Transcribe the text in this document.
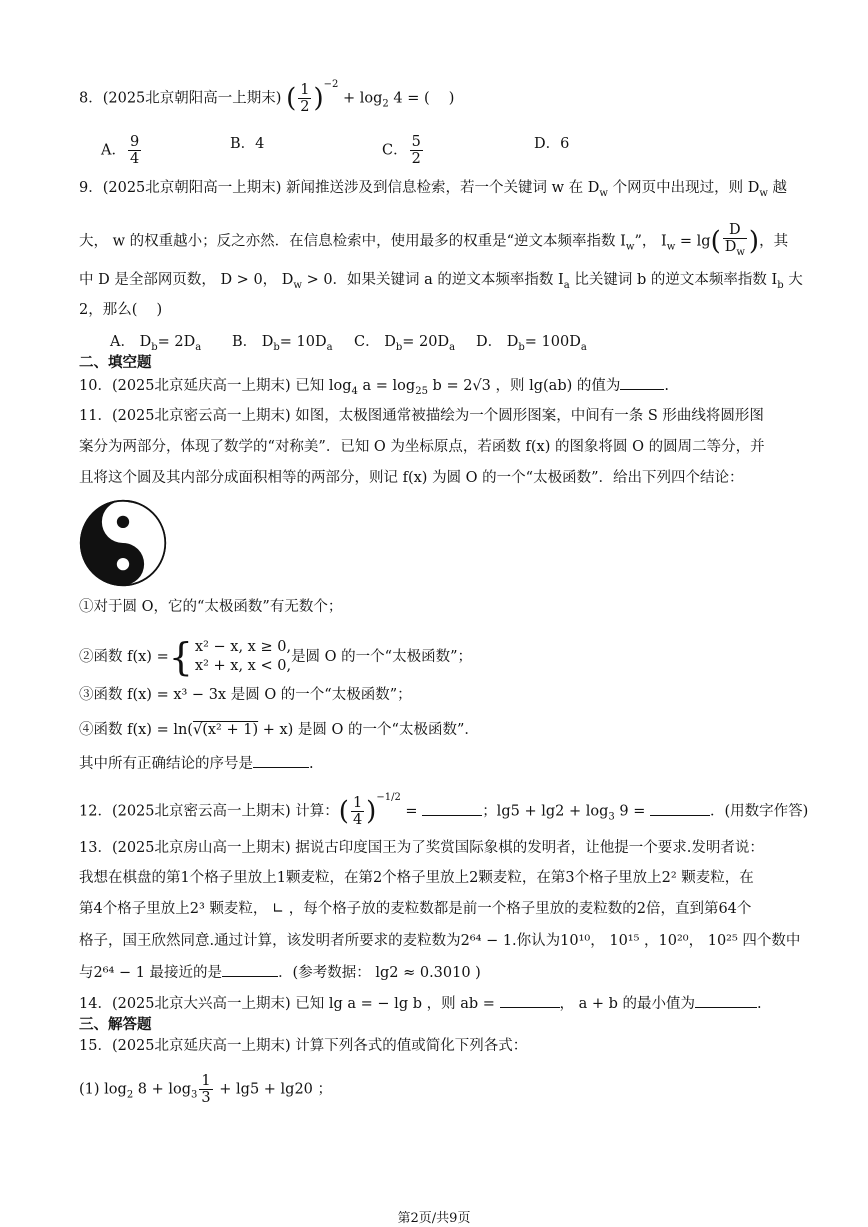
8．(2025北京朝阳高一上期末) ( $\frac{1}{2} )^{-2} + \log_2 4$ = (　 )
A． $\frac{9}{4}$	B．4	C． $\frac{5}{2}$	D．6
9．(2025北京朝阳高一上期末) 新闻推送涉及到信息检索，若一个关键词 w 在 $D_w$ 个网页中出现过，则 $D_w$ 越
大， w 的权重越小；反之亦然．在信息检索中，使用最多的权重是“逆文本频率指数 $I_w$”， $I_w = \lg( \frac{D}{D_w}$ )，其
中 D 是全部网页数， D > 0， $D_w > 0$．如果关键词 a 的逆文本频率指数 $I_a$ 比关键词 b 的逆文本频率指数 $I_b$ 大
2，那么(　 )
A． $D_b= 2D_a$ B． $D_b= 10D_a$ C． $D_b= 20D_a$ D． $D_b= 100D_a$
二、填空题
10．(2025北京延庆高一上期末) 已知 $\log_4 a = \log_{25} b = 2√3$ ，则 lg(ab) 的值为	.
11．(2025北京密云高一上期末) 如图，太极图通常被描绘为一个圆形图案，中间有一条 S 形曲线将圆形图
案分为两部分，体现了数学的“对称美”．已知 O 为坐标原点，若函数 f(x) 的图象将圆 O 的圆周二等分，并
且将这个圆及其内部分成面积相等的两部分，则记 f(x) 为圆 O 的一个“太极函数”．给出下列四个结论：
①对于圆 O，它的“太极函数”有无数个；
②函数 f(x) ={ x² − x, x ≥ 0,
x² + x, x < 0,
是圆 O 的一个“太极函数”；
③函数 f(x) = x³ − 3x 是圆 O 的一个“太极函数”；
④函数 f(x) = ln(√(x² + 1) + x) 是圆 O 的一个“太极函数”．
其中所有正确结论的序号是	.
12．(2025北京密云高一上期末) 计算：( $\frac{1}{4} )^{-1/2}$ =	；$\lg 5 + \lg 2 + \log_3 9$ =	．(用数字作答)
13．(2025北京房山高一上期末) 据说古印度国王为了奖赏国际象棋的发明者，让他提一个要求.发明者说：
我想在棋盘的第1个格子里放上1颗麦粒，在第2个格子里放上2颗麦粒，在第3个格子里放上2² 颗麦粒，在
第4个格子里放上2³ 颗麦粒， ∟ ，每个格子放的麦粒数都是前一个格子里放的麦粒数的2倍，直到第64个
格子，国王欣然同意.通过计算，该发明者所要求的麦粒数为2⁶⁴ − 1.你认为10¹⁰， 10¹⁵ ，10²⁰， 10²⁵ 四个数中
与2⁶⁴ − 1 最接近的是	．(参考数据： lg2 ≈ 0.3010 )
14．(2025北京大兴高一上期末) 已知 lg a = − lg b ，则 ab =	， a + b 的最小值为	.
三、解答题
15．(2025北京延庆高一上期末) 计算下列各式的值或简化下列各式：
(1) $\log_2 8 + \log_3 \frac{1}{3} + \lg 5 + \lg 20$ ；
第2页/共9页
